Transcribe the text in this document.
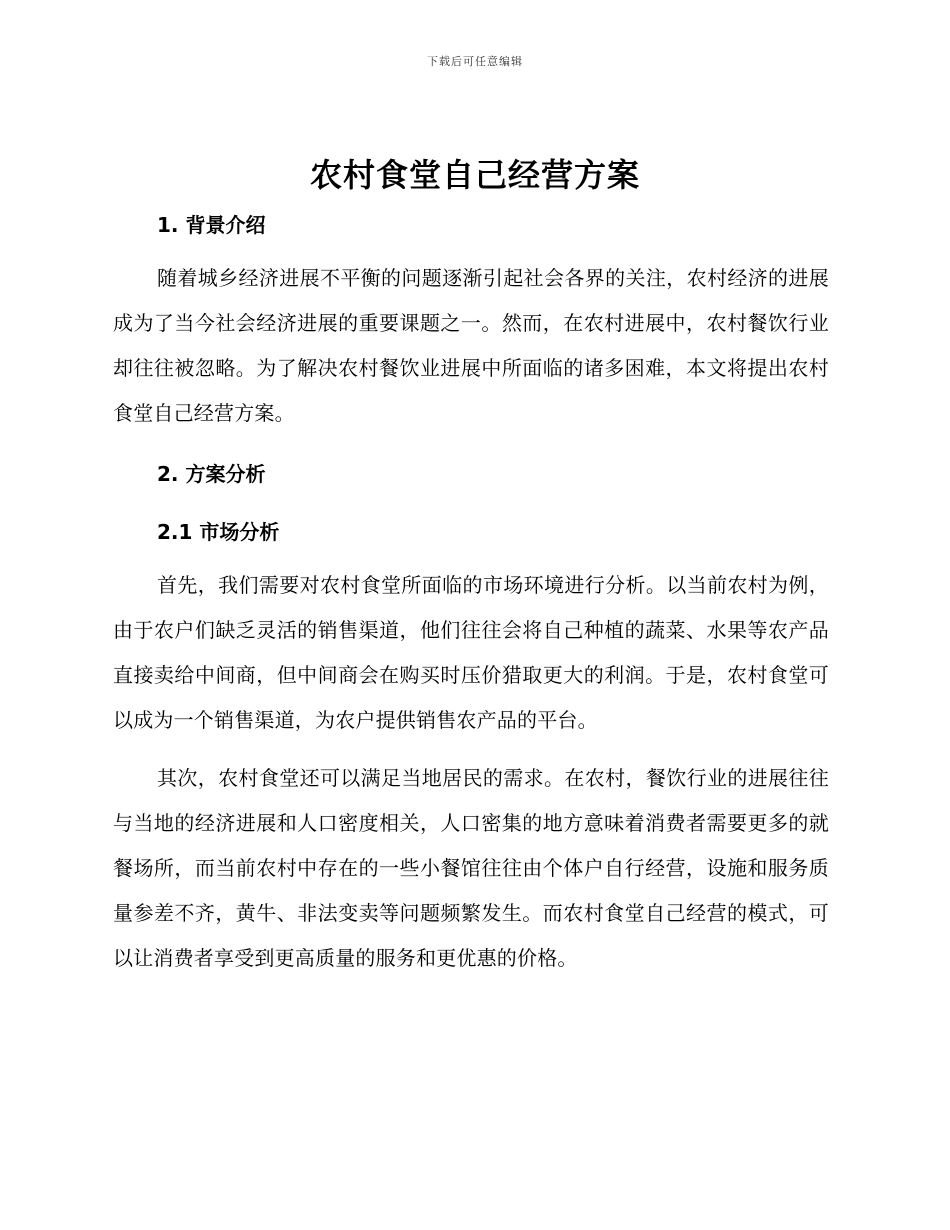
下载后可任意编辑
农村食堂自己经营方案
1. 背景介绍

随着城乡经济进展不平衡的问题逐渐引起社会各界的关注，农村经济的进展成为了当今社会经济进展的重要课题之一。然而，在农村进展中，农村餐饮行业却往往被忽略。为了解决农村餐饮业进展中所面临的诸多困难，本文将提出农村食堂自己经营方案。

2. 方案分析
2.1 市场分析

首先，我们需要对农村食堂所面临的市场环境进行分析。以当前农村为例，由于农户们缺乏灵活的销售渠道，他们往往会将自己种植的蔬菜、水果等农产品直接卖给中间商，但中间商会在购买时压价猎取更大的利润。于是，农村食堂可以成为一个销售渠道，为农户提供销售农产品的平台。

其次，农村食堂还可以满足当地居民的需求。在农村，餐饮行业的进展往往与当地的经济进展和人口密度相关，人口密集的地方意味着消费者需要更多的就餐场所，而当前农村中存在的一些小餐馆往往由个体户自行经营，设施和服务质量参差不齐，黄牛、非法变卖等问题频繁发生。而农村食堂自己经营的模式，可以让消费者享受到更高质量的服务和更优惠的价格。
